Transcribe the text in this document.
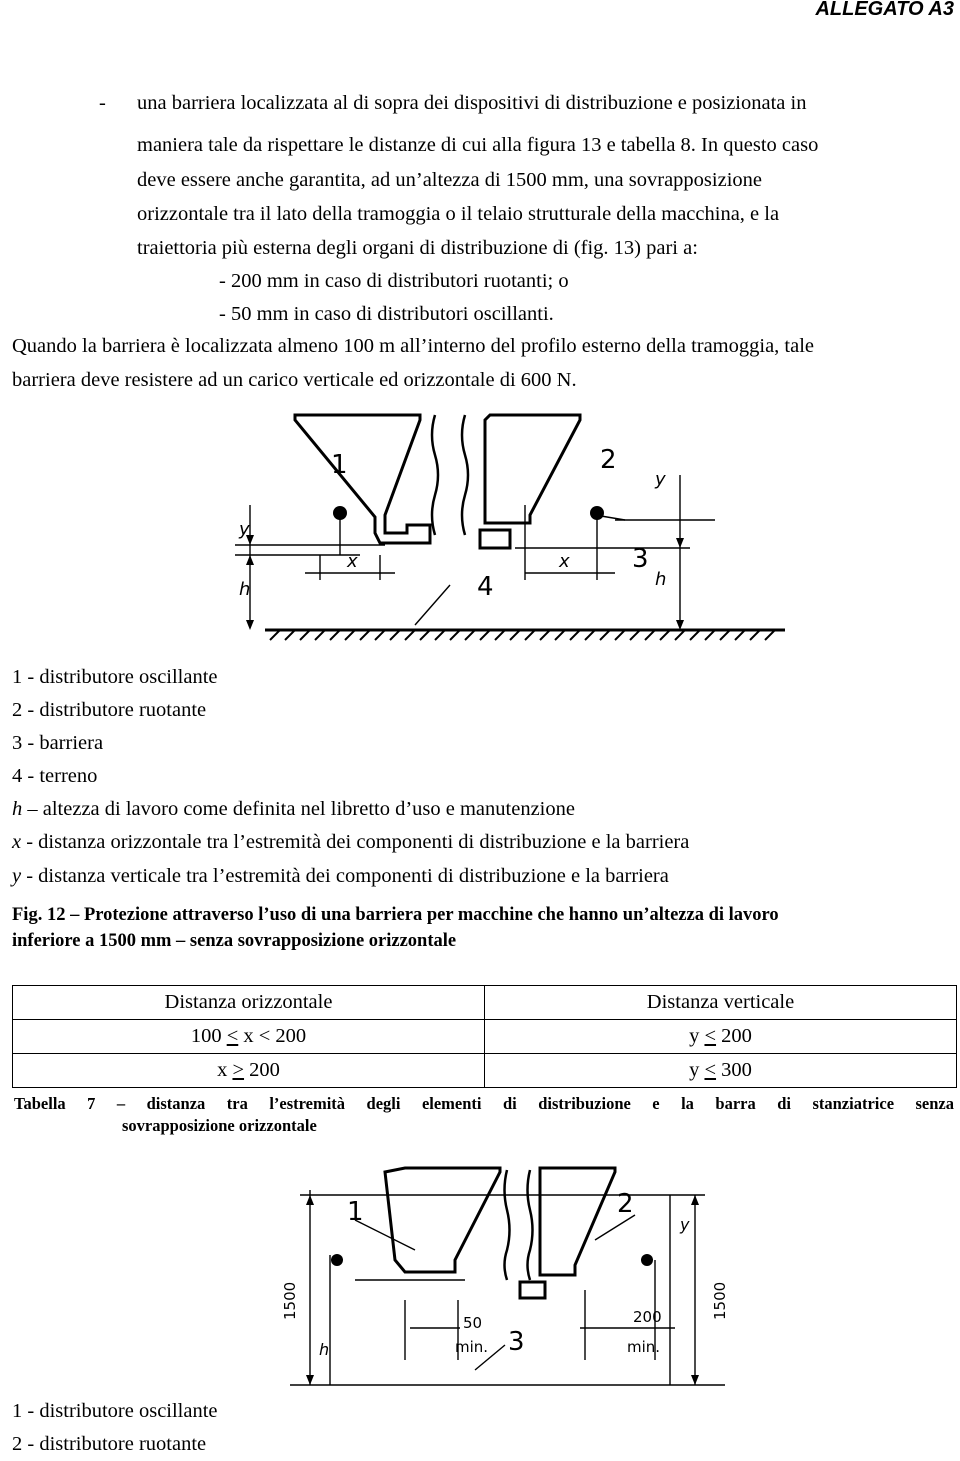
ALLEGATO A3
- una barriera localizzata al di sopra dei dispositivi di distribuzione e posizionata in
maniera tale da rispettare le distanze di cui alla figura 13 e tabella 8. In questo caso
deve essere anche garantita, ad un’altezza di 1500 mm, una sovrapposizione
orizzontale tra il lato della tramoggia o il telaio strutturale della macchina, e la
traiettoria più esterna degli organi di distribuzione di (fig. 13) pari a:
- 200 mm in caso di distributori ruotanti; o
- 50 mm in caso di distributori oscillanti.
Quando la barriera è localizzata almeno 100 m all’interno del profilo esterno della tramoggia, tale
barriera deve resistere ad un carico verticale ed orizzontale di 600 N.
1	2
3
4
y
h
x	x
y
h
1 - distributore oscillante
2 - distributore ruotante
3 - barriera
4 - terreno
h – altezza di lavoro come definita nel libretto d’uso e manutenzione
x - distanza orizzontale tra l’estremità dei componenti di distribuzione e la barriera
y - distanza verticale tra l’estremità dei componenti di distribuzione e la barriera
Fig. 12 – Protezione attraverso l’uso di una barriera per macchine che hanno un’altezza di lavoro
inferiore a 1500 mm – senza sovrapposizione orizzontale
Distanza orizzontale	Distanza verticale
100 < x < 200	y < 200
x > 200	y < 300
Tabella 7 – distanza tra l’estremità degli elementi di distribuzione e la barra di stanziatrice senza
sovrapposizione orizzontale
1	2
3
1500	1500
h
y
50
min.
200
min.
1 - distributore oscillante
2 - distributore ruotante
